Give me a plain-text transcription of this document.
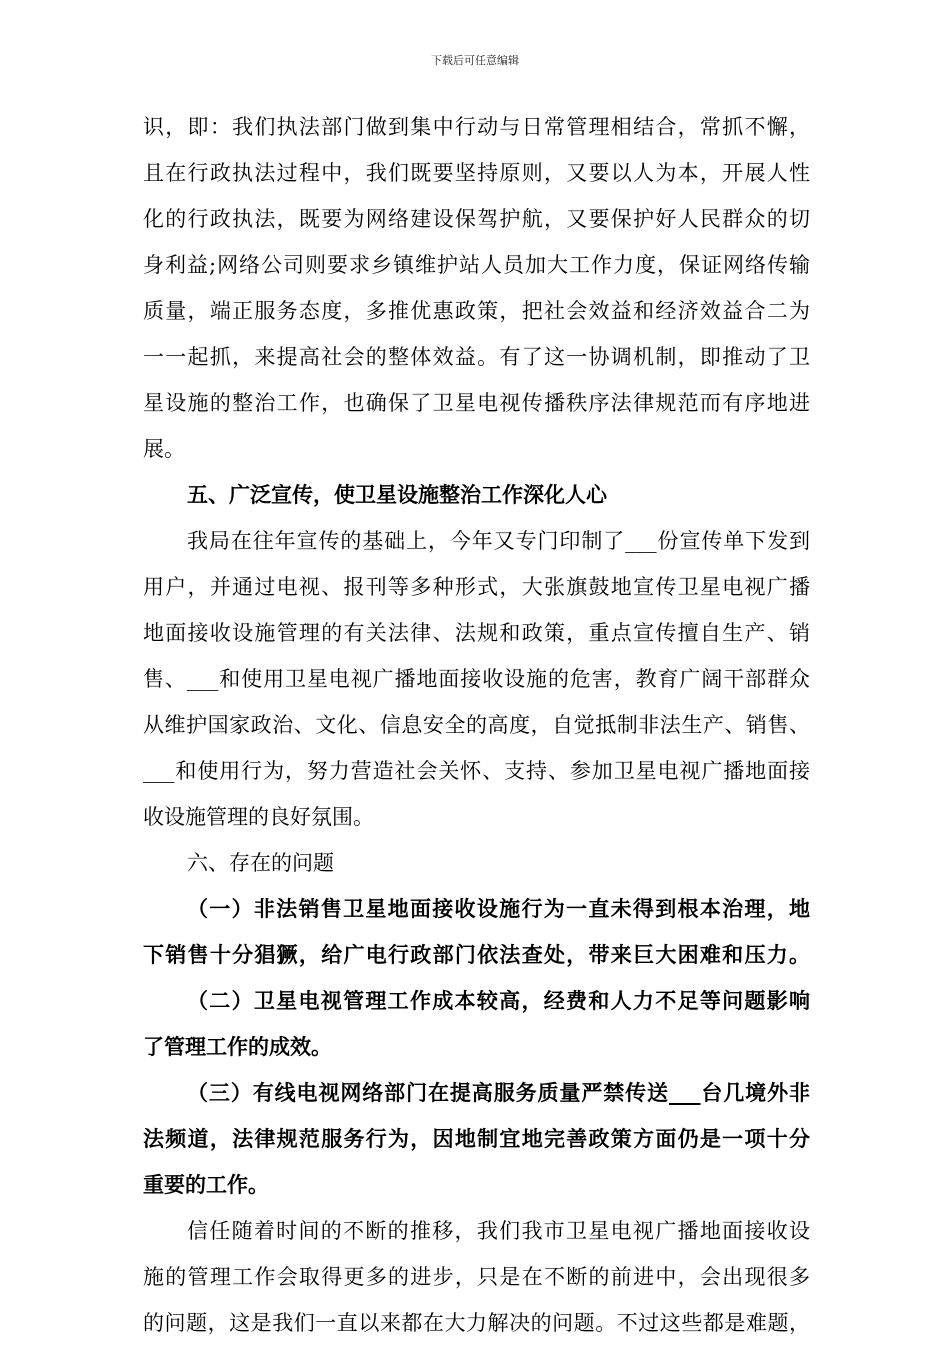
下载后可任意编辑
识，即：我们执法部门做到集中行动与日常管理相结合，常抓不懈，
且在行政执法过程中，我们既要坚持原则，又要以人为本，开展人性
化的行政执法，既要为网络建设保驾护航，又要保护好人民群众的切
身利益;网络公司则要求乡镇维护站人员加大工作力度，保证网络传输
质量，端正服务态度，多推优惠政策，把社会效益和经济效益合二为
一一起抓，来提高社会的整体效益。有了这一协调机制，即推动了卫
星设施的整治工作，也确保了卫星电视传播秩序法律规范而有序地进
展。
五、广泛宣传，使卫星设施整治工作深化人心
我局在往年宣传的基础上，今年又专门印制了___份宣传单下发到
用户，并通过电视、报刊等多种形式，大张旗鼓地宣传卫星电视广播
地面接收设施管理的有关法律、法规和政策，重点宣传擅自生产、销
售、___和使用卫星电视广播地面接收设施的危害，教育广阔干部群众
从维护国家政治、文化、信息安全的高度，自觉抵制非法生产、销售、
___和使用行为，努力营造社会关怀、支持、参加卫星电视广播地面接
收设施管理的良好氛围。
六、存在的问题
（一）非法销售卫星地面接收设施行为一直未得到根本治理，地
下销售十分猖獗，给广电行政部门依法查处，带来巨大困难和压力。
（二）卫星电视管理工作成本较高，经费和人力不足等问题影响
了管理工作的成效。
（三）有线电视网络部门在提高服务质量严禁传送___台几境外非
法频道，法律规范服务行为，因地制宜地完善政策方面仍是一项十分
重要的工作。
信任随着时间的不断的推移，我们我市卫星电视广播地面接收设
施的管理工作会取得更多的进步，只是在不断的前进中，会出现很多
的问题，这是我们一直以来都在大力解决的问题。不过这些都是难题，
